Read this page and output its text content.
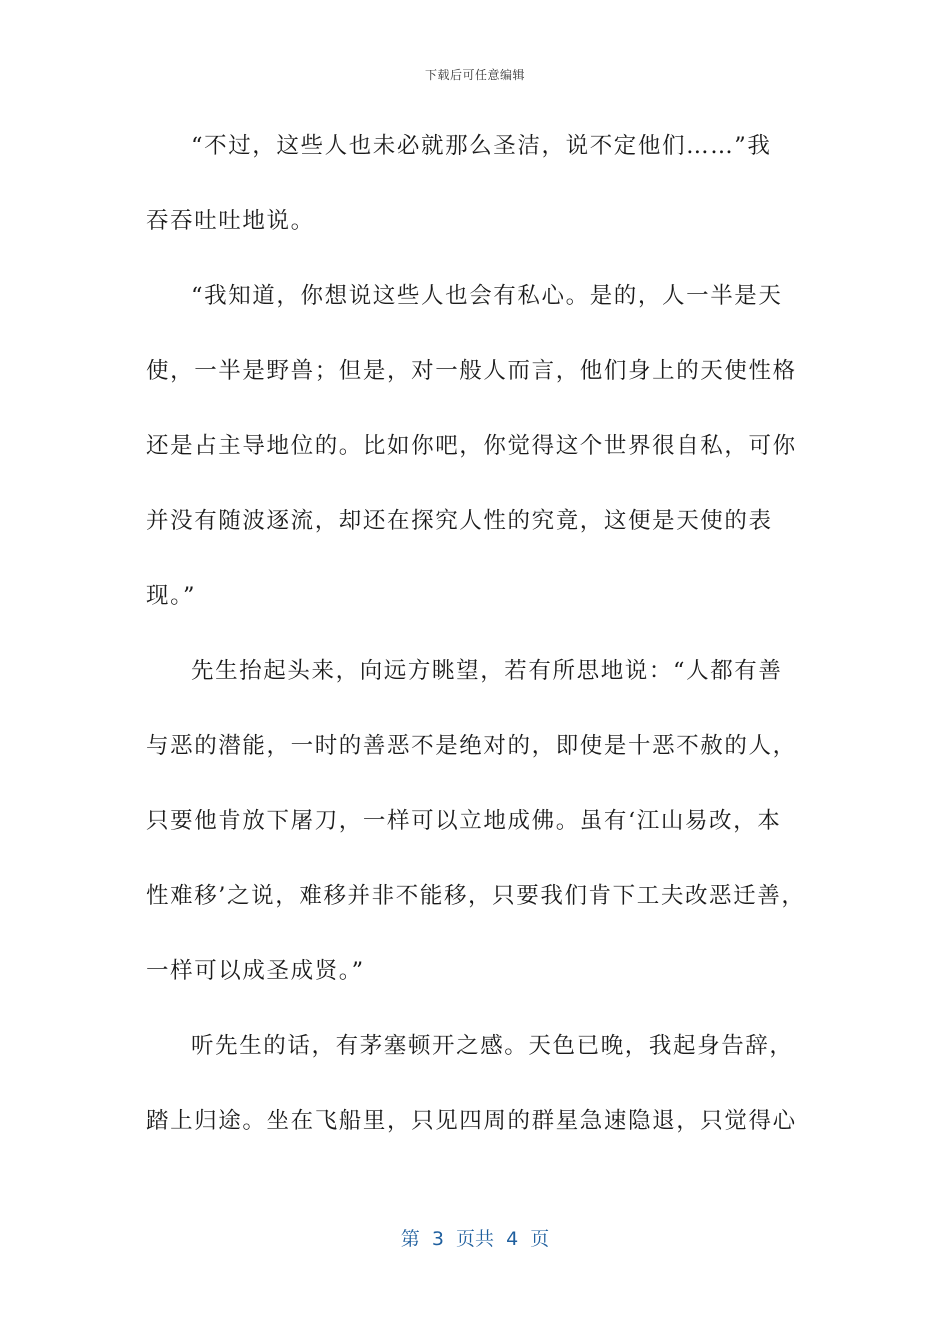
下载后可任意编辑
“不过，这些人也未必就那么圣洁，说不定他们……”我
吞吞吐吐地说。
“我知道，你想说这些人也会有私心。是的，人一半是天
使，一半是野兽；但是，对一般人而言，他们身上的天使性格
还是占主导地位的。比如你吧，你觉得这个世界很自私，可你
并没有随波逐流，却还在探究人性的究竟，这便是天使的表
现。”
先生抬起头来，向远方眺望，若有所思地说：“人都有善
与恶的潜能，一时的善恶不是绝对的，即使是十恶不赦的人，
只要他肯放下屠刀，一样可以立地成佛。虽有‘江山易改，本
性难移’之说，难移并非不能移，只要我们肯下工夫改恶迁善，
一样可以成圣成贤。”
听先生的话，有茅塞顿开之感。天色已晚，我起身告辞，
踏上归途。坐在飞船里，只见四周的群星急速隐退，只觉得心
第  3  页共  4  页
